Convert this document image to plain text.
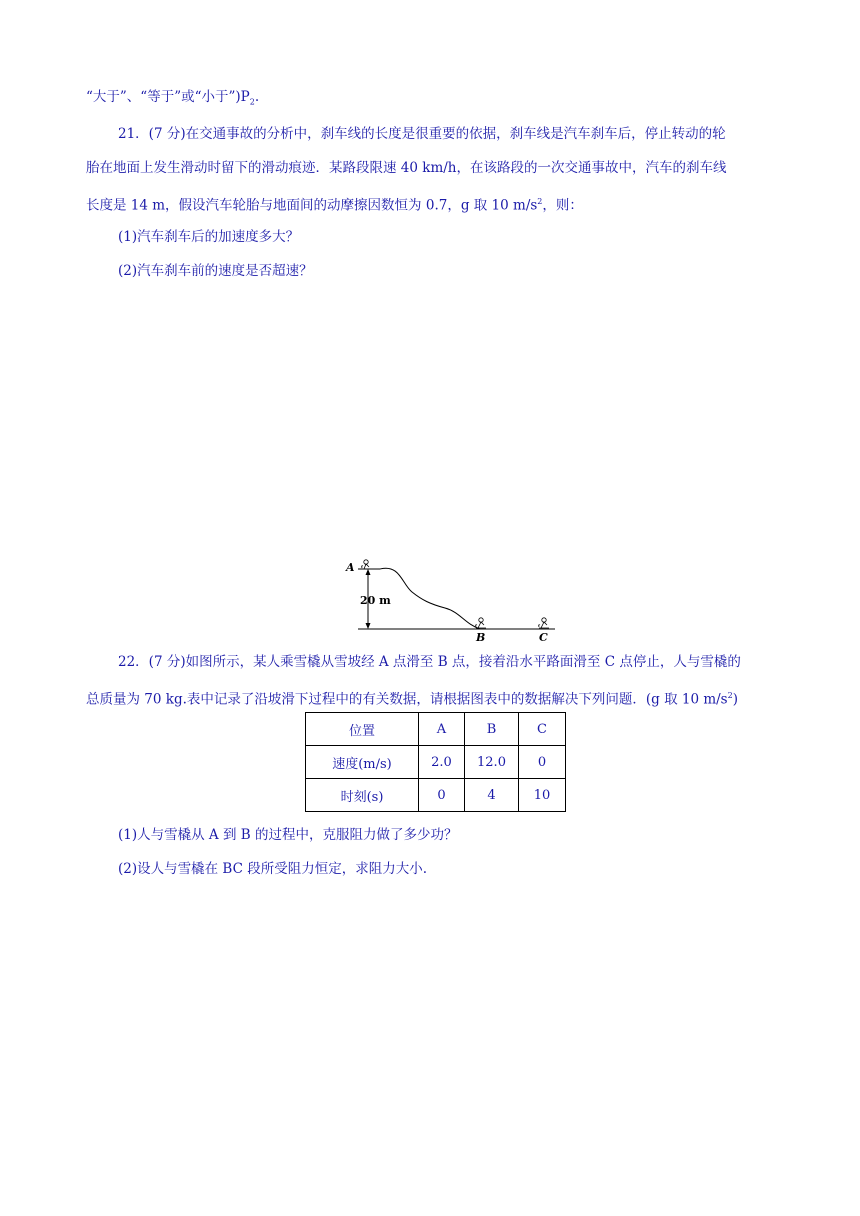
“大于”、“等于”或“小于$”)P_2$.
21．(7 分)在交通事故的分析中，刹车线的长度是很重要的依据，刹车线是汽车刹车后，停止转动的轮
胎在地面上发生滑动时留下的滑动痕迹．某路段限速 40 km/h，在该路段的一次交通事故中，汽车的刹车线
长度是 14 m，假设汽车轮胎与地面间的动摩擦因数恒为 0.7，g 取 10 $m/s^2$，则：
(1)汽车刹车后的加速度多大？
(2)汽车刹车前的速度是否超速？
A
20 m
B	C
22．(7 分)如图所示，某人乘雪橇从雪坡经 A 点滑至 B 点，接着沿水平路面滑至 C 点停止，人与雪橇的
总质量为 70 kg.表中记录了沿坡滑下过程中的有关数据，请根据图表中的数据解决下列问题．(g 取 10 $m/s^2$)
位置	A	B	C
速度(m/s)	2.0	12.0	0
时刻(s)	0	4	10
(1)人与雪橇从 A 到 B 的过程中，克服阻力做了多少功？
(2)设人与雪橇在 BC 段所受阻力恒定，求阻力大小.
